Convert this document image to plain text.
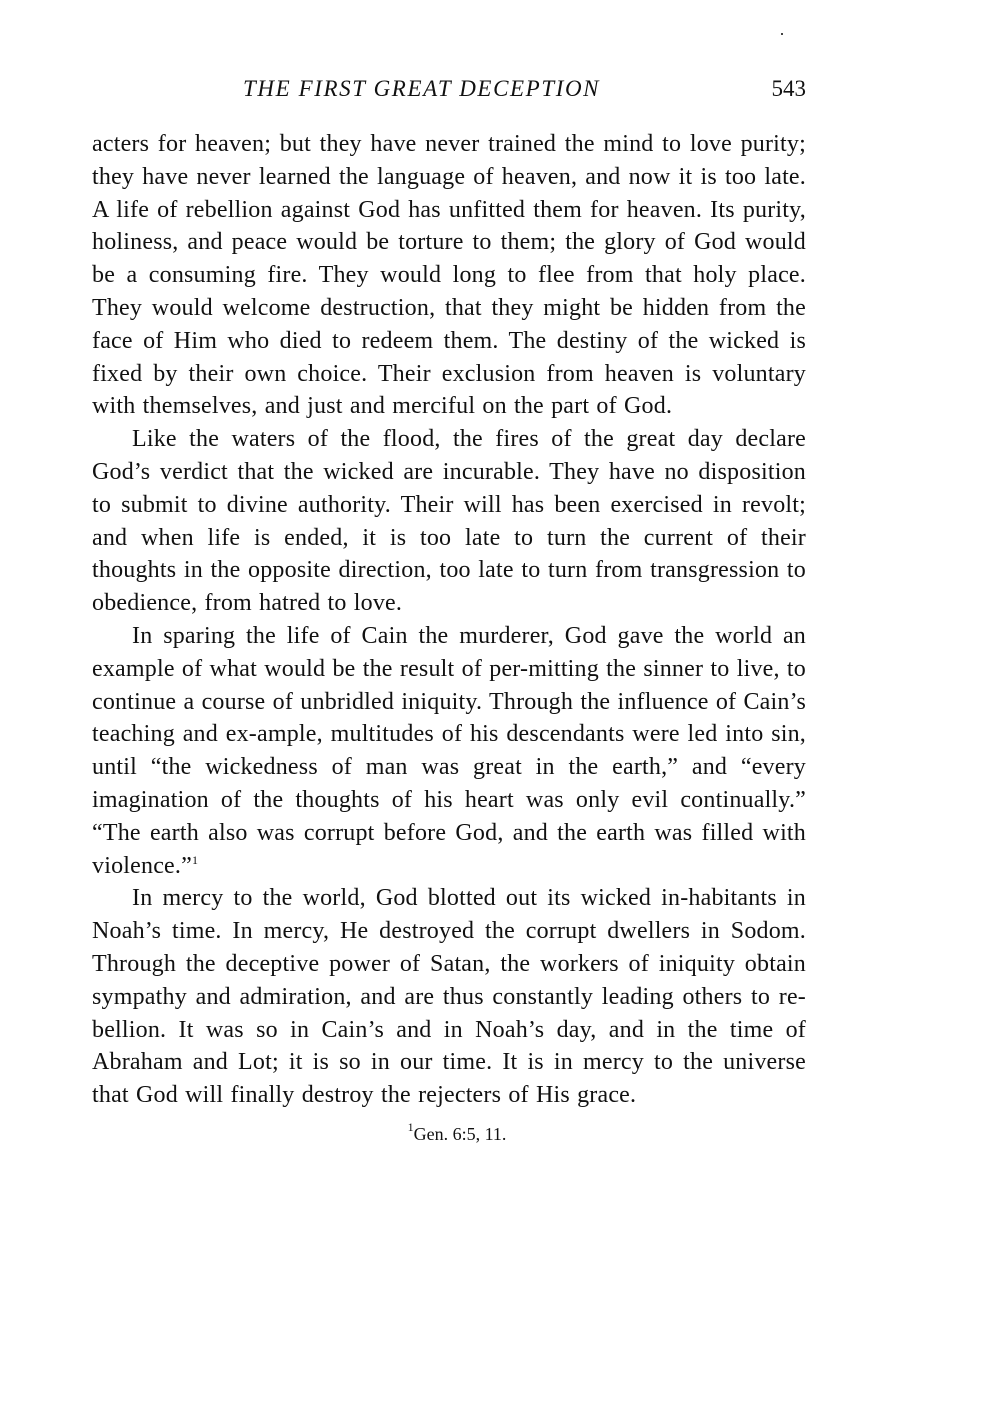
THE FIRST GREAT DECEPTION	543

acters for heaven; but they have never trained the mind to love purity; they have never learned the language of heaven, and now it is too late. A life of rebellion against God has unfitted them for heaven. Its purity, holiness, and peace would be torture to them; the glory of God would be a consuming fire. They would long to flee from that holy place. They would welcome destruction, that they might be hidden from the face of Him who died to redeem them. The destiny of the wicked is fixed by their own choice. Their exclusion from heaven is voluntary with themselves, and just and merciful on the part of God.

Like the waters of the flood, the fires of the great day declare God’s verdict that the wicked are incurable. They have no disposition to submit to divine authority. Their will has been exercised in revolt; and when life is ended, it is too late to turn the current of their thoughts in the opposite direction, too late to turn from transgression to obedience, from hatred to love.

In sparing the life of Cain the murderer, God gave the world an example of what would be the result of per-mitting the sinner to live, to continue a course of unbridled iniquity. Through the influence of Cain’s teaching and ex-ample, multitudes of his descendants were led into sin, until “the wickedness of man was great in the earth,” and “every imagination of the thoughts of his heart was only evil continually.” “The earth also was corrupt before God, and the earth was filled with violence.”$^1$

In mercy to the world, God blotted out its wicked in-habitants in Noah’s time. In mercy, He destroyed the corrupt dwellers in Sodom. Through the deceptive power of Satan, the workers of iniquity obtain sympathy and admiration, and are thus constantly leading others to re-bellion. It was so in Cain’s and in Noah’s day, and in the time of Abraham and Lot; it is so in our time. It is in mercy to the universe that God will finally destroy the rejecters of His grace.

$^1$Gen. 6:5, 11.
